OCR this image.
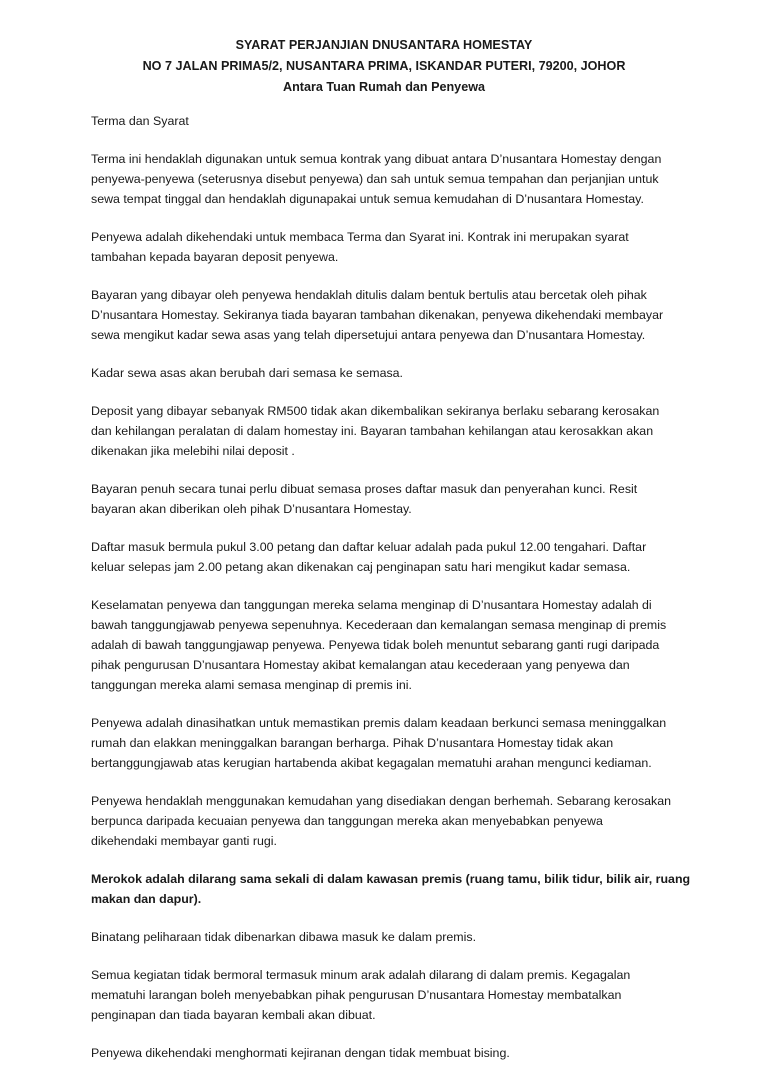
SYARAT PERJANJIAN DNUSANTARA HOMESTAY
NO 7 JALAN PRIMA5/2, NUSANTARA PRIMA, ISKANDAR PUTERI, 79200, JOHOR
Antara Tuan Rumah dan Penyewa
Terma dan Syarat
Terma ini hendaklah digunakan untuk semua kontrak yang dibuat antara D’nusantara Homestay dengan
penyewa-penyewa (seterusnya disebut penyewa) dan sah untuk semua tempahan dan perjanjian untuk
sewa tempat tinggal dan hendaklah digunapakai untuk semua kemudahan di D’nusantara Homestay.
Penyewa adalah dikehendaki untuk membaca Terma dan Syarat ini. Kontrak ini merupakan syarat
tambahan kepada bayaran deposit penyewa.
Bayaran yang dibayar oleh penyewa hendaklah ditulis dalam bentuk bertulis atau bercetak oleh pihak
D’nusantara Homestay. Sekiranya tiada bayaran tambahan dikenakan, penyewa dikehendaki membayar
sewa mengikut kadar sewa asas yang telah dipersetujui antara penyewa dan D’nusantara Homestay.
Kadar sewa asas akan berubah dari semasa ke semasa.
Deposit yang dibayar sebanyak RM500 tidak akan dikembalikan sekiranya berlaku sebarang kerosakan
dan kehilangan peralatan di dalam homestay ini. Bayaran tambahan kehilangan atau kerosakkan akan
dikenakan jika melebihi nilai deposit .
Bayaran penuh secara tunai perlu dibuat semasa proses daftar masuk dan penyerahan kunci. Resit
bayaran akan diberikan oleh pihak D’nusantara Homestay.
Daftar masuk bermula pukul 3.00 petang dan daftar keluar adalah pada pukul 12.00 tengahari. Daftar
keluar selepas jam 2.00 petang akan dikenakan caj penginapan satu hari mengikut kadar semasa.
Keselamatan penyewa dan tanggungan mereka selama menginap di D’nusantara Homestay adalah di
bawah tanggungjawab penyewa sepenuhnya. Kecederaan dan kemalangan semasa menginap di premis
adalah di bawah tanggungjawap penyewa. Penyewa tidak boleh menuntut sebarang ganti rugi daripada
pihak pengurusan D’nusantara Homestay akibat kemalangan atau kecederaan yang penyewa dan
tanggungan mereka alami semasa menginap di premis ini.
Penyewa adalah dinasihatkan untuk memastikan premis dalam keadaan berkunci semasa meninggalkan
rumah dan elakkan meninggalkan barangan berharga. Pihak D’nusantara Homestay tidak akan
bertanggungjawab atas kerugian hartabenda akibat kegagalan mematuhi arahan mengunci kediaman.
Penyewa hendaklah menggunakan kemudahan yang disediakan dengan berhemah. Sebarang kerosakan
berpunca daripada kecuaian penyewa dan tanggungan mereka akan menyebabkan penyewa
dikehendaki membayar ganti rugi.
Merokok adalah dilarang sama sekali di dalam kawasan premis (ruang tamu, bilik tidur, bilik air, ruang
makan dan dapur).
Binatang peliharaan tidak dibenarkan dibawa masuk ke dalam premis.
Semua kegiatan tidak bermoral termasuk minum arak adalah dilarang di dalam premis. Kegagalan
mematuhi larangan boleh menyebabkan pihak pengurusan D’nusantara Homestay membatalkan
penginapan dan tiada bayaran kembali akan dibuat.
Penyewa dikehendaki menghormati kejiranan dengan tidak membuat bising.
